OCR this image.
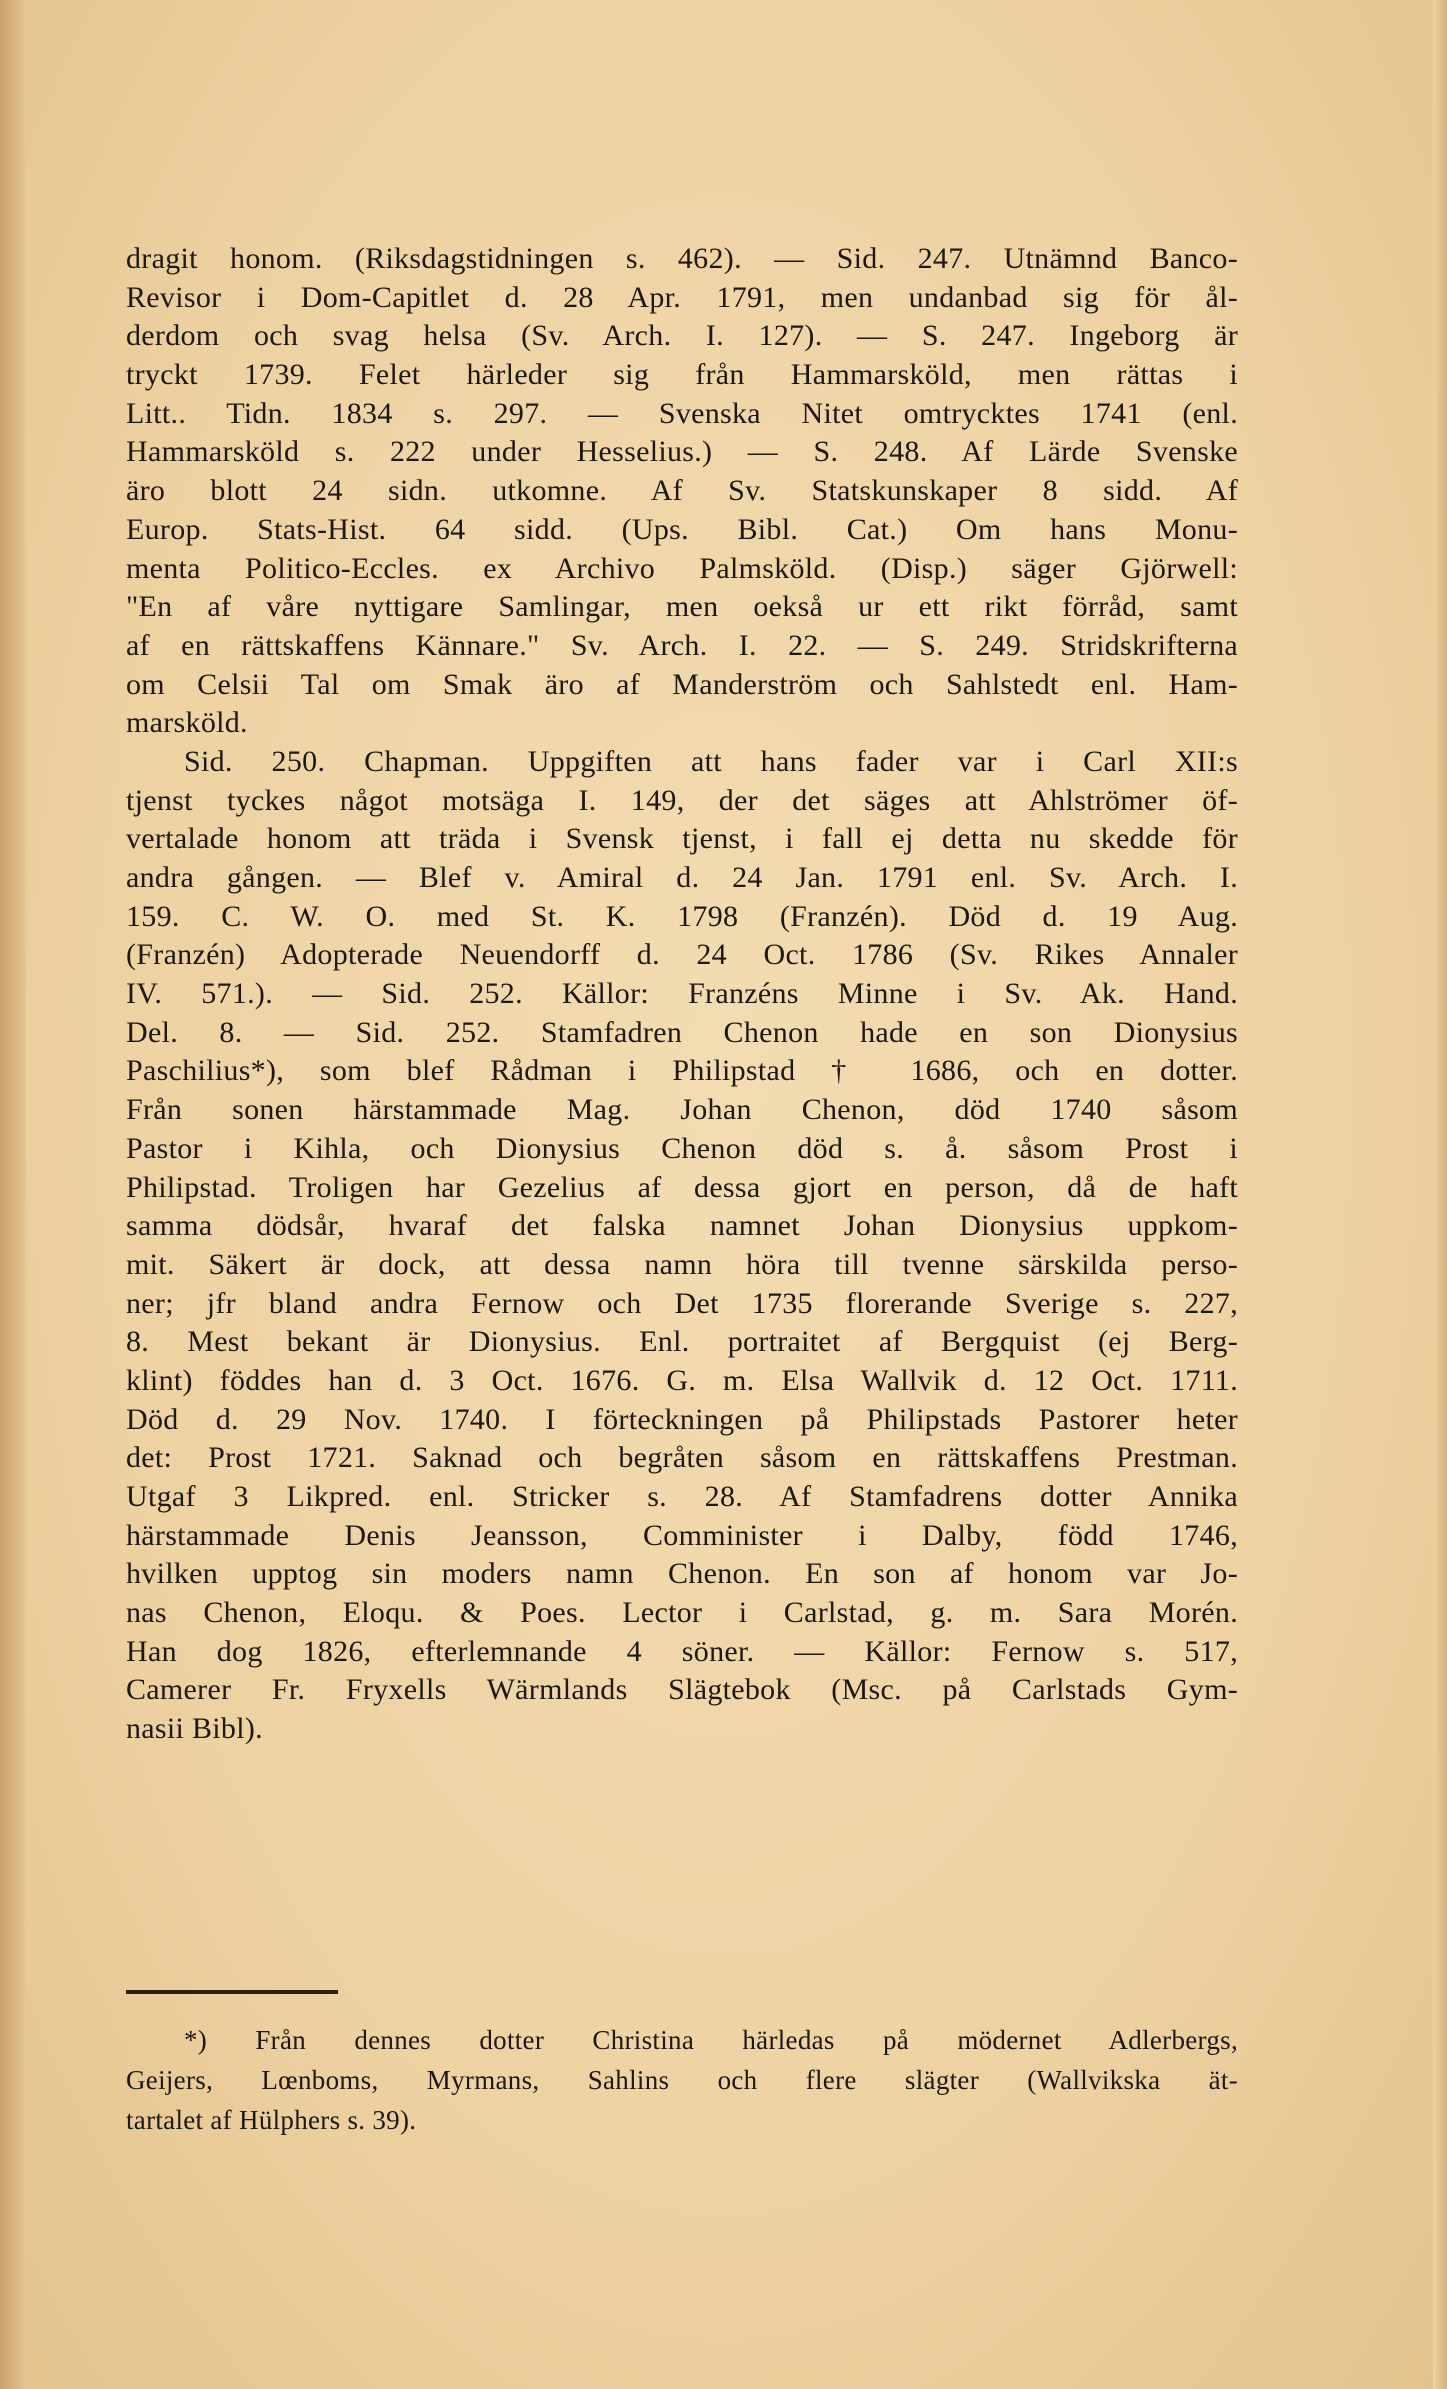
dragit honom. (Riksdagstidningen s. 462). — Sid. 247. Utnämnd Banco-
Revisor i Dom-Capitlet d. 28 Apr. 1791, men undanbad sig för ål-
derdom och svag helsa (Sv. Arch. I. 127). — S. 247. Ingeborg är
tryckt 1739. Felet härleder sig från Hammarsköld, men rättas i
Litt.. Tidn. 1834 s. 297. — Svenska Nitet omtrycktes 1741 (enl.
Hammarsköld s. 222 under Hesselius.) — S. 248. Af Lärde Svenske
äro blott 24 sidn. utkomne. Af Sv. Statskunskaper 8 sidd. Af
Europ. Stats-Hist. 64 sidd. (Ups. Bibl. Cat.) Om hans Monu-
menta Politico-Eccles. ex Archivo Palmsköld. (Disp.) säger Gjörwell:
"En af våre nyttigare Samlingar, men oekså ur ett rikt förråd, samt
af en rättskaffens Kännare." Sv. Arch. I. 22. — S. 249. Stridskrifterna
om Celsii Tal om Smak äro af Manderström och Sahlstedt enl. Ham-
marsköld.
Sid. 250. Chapman. Uppgiften att hans fader var i Carl XII:s
tjenst tyckes något motsäga I. 149, der det säges att Ahlströmer öf-
vertalade honom att träda i Svensk tjenst, i fall ej detta nu skedde för
andra gången. — Blef v. Amiral d. 24 Jan. 1791 enl. Sv. Arch. I.
159. C. W. O. med St. K. 1798 (Franzén). Död d. 19 Aug.
(Franzén) Adopterade Neuendorff d. 24 Oct. 1786 (Sv. Rikes Annaler
IV. 571.). — Sid. 252. Källor: Franzéns Minne i Sv. Ak. Hand.
Del. 8. — Sid. 252. Stamfadren Chenon hade en son Dionysius
Paschilius*), som blef Rådman i Philipstad † 1686, och en dotter.
Från sonen härstammade Mag. Johan Chenon, död 1740 såsom
Pastor i Kihla, och Dionysius Chenon död s. å. såsom Prost i
Philipstad. Troligen har Gezelius af dessa gjort en person, då de haft
samma dödsår, hvaraf det falska namnet Johan Dionysius uppkom-
mit. Säkert är dock, att dessa namn höra till tvenne särskilda perso-
ner; jfr bland andra Fernow och Det 1735 florerande Sverige s. 227,
8. Mest bekant är Dionysius. Enl. portraitet af Bergquist (ej Berg-
klint) föddes han d. 3 Oct. 1676. G. m. Elsa Wallvik d. 12 Oct. 1711.
Död d. 29 Nov. 1740. I förteckningen på Philipstads Pastorer heter
det: Prost 1721. Saknad och begråten såsom en rättskaffens Prestman.
Utgaf 3 Likpred. enl. Stricker s. 28. Af Stamfadrens dotter Annika
härstammade Denis Jeansson, Comminister i Dalby, född 1746,
hvilken upptog sin moders namn Chenon. En son af honom var Jo-
nas Chenon, Eloqu. & Poes. Lector i Carlstad, g. m. Sara Morén.
Han dog 1826, efterlemnande 4 söner. — Källor: Fernow s. 517,
Camerer Fr. Fryxells Wärmlands Slägtebok (Msc. på Carlstads Gym-
nasii Bibl).
*) Från dennes dotter Christina härledas på mödernet Adlerbergs,
Geijers, Lœnboms, Myrmans, Sahlins och flere slägter (Wallvikska ät-
tartalet af Hülphers s. 39).
